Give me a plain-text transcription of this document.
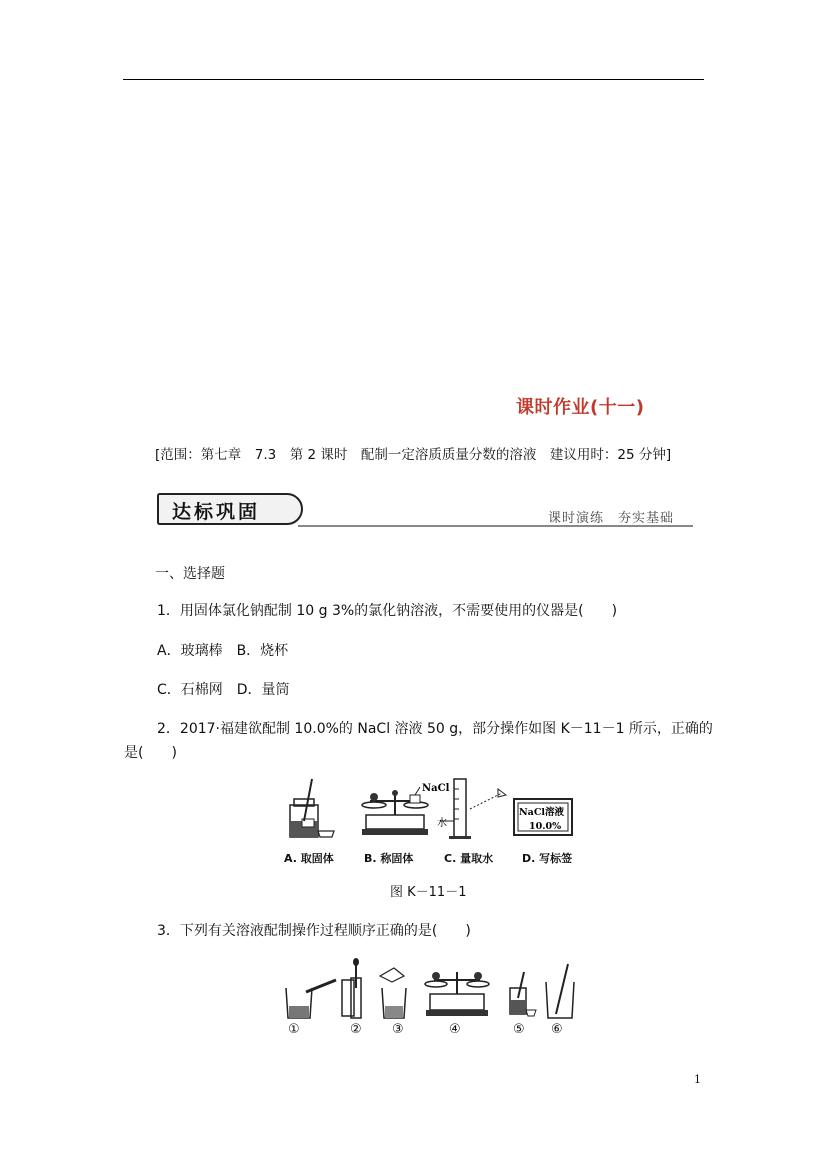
课时作业(十一)
[范围：第七章　7.3　第 2 课时　配制一定溶质质量分数的溶液　建议用时：25 分钟]
达标巩固	课时演练　夯实基础
一、选择题
1．用固体氯化钠配制 10 g 3%的氯化钠溶液，不需要使用的仪器是(　　)
A．玻璃棒　B．烧杯
C．石棉网　D．量筒
2．2017·福建欲配制 10.0%的 NaCl 溶液 50 g，部分操作如图 K－11－1 所示，正确的
是(　　)
NaCl
水
NaCl溶液
10.0%
A. 取固体	B. 称固体	C. 量取水	D. 写标签
图 K－11－1
3．下列有关溶液配制操作过程顺序正确的是(　　)
①	② ③	④	⑤ ⑥
1
